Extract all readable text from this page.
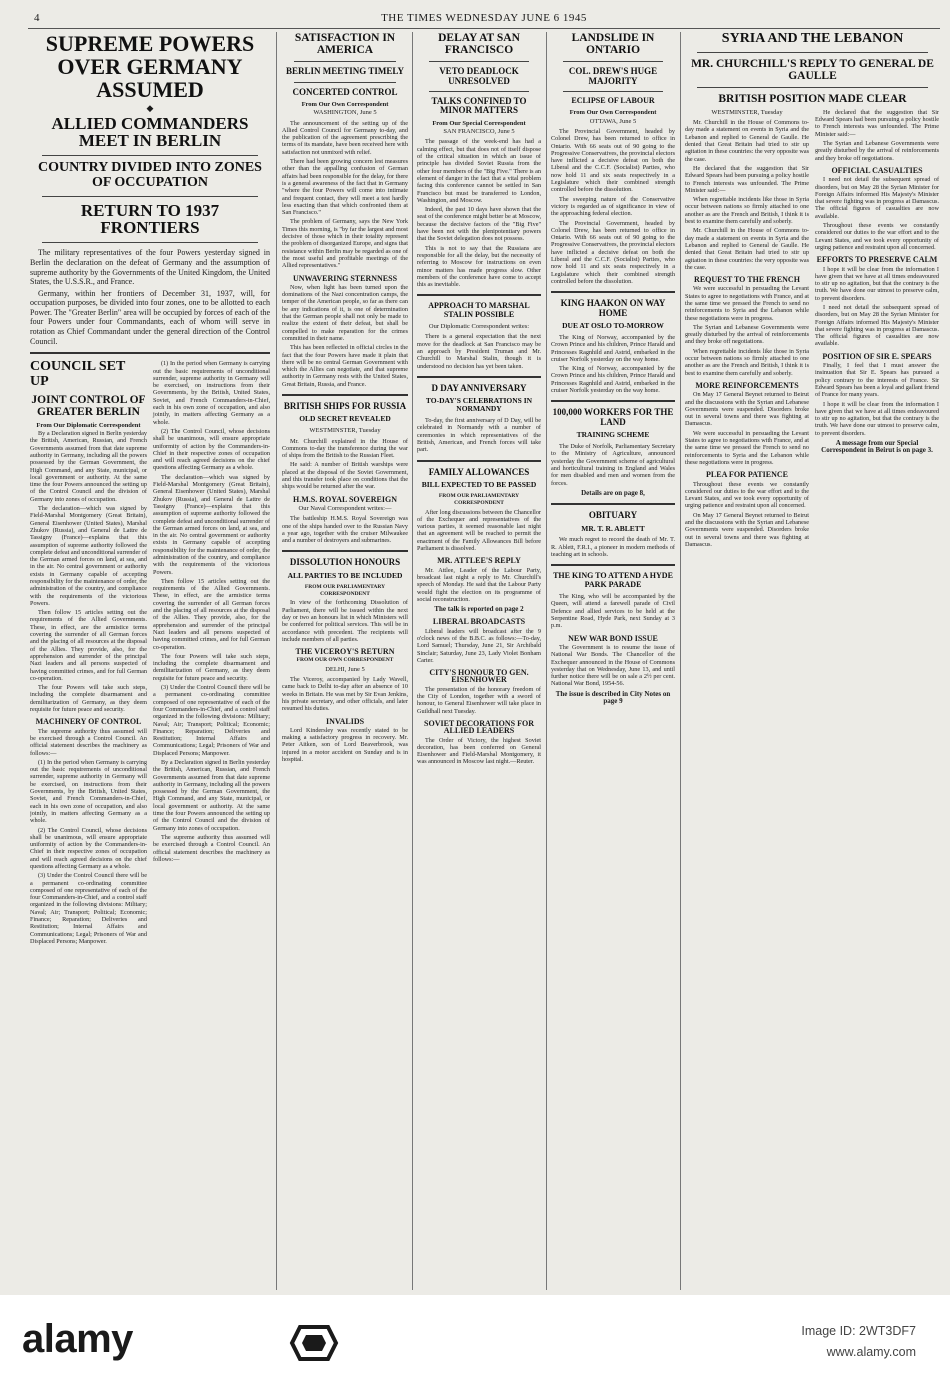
4	THE TIMES WEDNESDAY JUNE 6 1945
SUPREME POWERS OVER GERMANY ASSUMED
◆
ALLIED COMMANDERS MEET IN BERLIN
COUNTRY DIVIDED INTO ZONES OF OCCUPATION
RETURN TO 1937 FRONTIERS

The military representatives of the four Powers yesterday signed in Berlin the declaration on the defeat of Germany and the assumption of supreme authority by the Governments of the United Kingdom, the United States, the U.S.S.R., and France.

Germany, within her frontiers of December 31, 1937, will, for occupation purposes, be divided into four zones, one to be allotted to each Power. The "Greater Berlin" area will be occupied by forces of each of the four Powers under four Commandants, each of whom will serve in rotation as Chief Commandant under the general direction of the Control Council.

COUNCIL SET UP
JOINT CONTROL OF GREATER BERLIN
From Our Diplomatic Correspondent

By a Declaration signed in Berlin yesterday the British, American, Russian, and French Governments assumed from that date supreme authority in Germany, including all the powers possessed by the German Government, the High Command, and any State, municipal, or local government or authority. At the same time the four Powers announced the setting up of the Control Council and the division of Germany into zones of occupation.

The declaration—which was signed by Field-Marshal Montgomery (Great Britain), General Eisenhower (United States), Marshal Zhukov (Russia), and General de Lattre de Tassigny (France)—explains that this assumption of supreme authority followed the complete defeat and unconditional surrender of the German armed forces on land, at sea, and in the air. No central government or authority exists in Germany capable of accepting responsibility for the maintenance of order, the administration of the country, and compliance with the requirements of the victorious Powers.

Then follow 15 articles setting out the requirements of the Allied Governments. These, in effect, are the armistice terms covering the surrender of all German forces and the placing of all resources at the disposal of the Allies. They provide, also, for the apprehension and surrender of the principal Nazi leaders and all persons suspected of having committed crimes, and for full German co-operation.

The four Powers will take such steps, including the complete disarmament and demilitarization of Germany, as they deem requisite for future peace and security.

MACHINERY OF CONTROL

The supreme authority thus assumed will be exercised through a Control Council. An official statement describes the machinery as follows:—

(1) In the period when Germany is carrying out the basic requirements of unconditional surrender, supreme authority in Germany will be exercised, on instructions from their Governments, by the British, United States, Soviet, and French Commanders-in-Chief, each in his own zone of occupation, and also jointly, in matters affecting Germany as a whole.

(2) The Control Council, whose decisions shall be unanimous, will ensure appropriate uniformity of action by the Commanders-in-Chief in their respective zones of occupation and will reach agreed decisions on the chief questions affecting Germany as a whole.

(3) Under the Control Council there will be a permanent co-ordinating committee composed of one representative of each of the four Commanders-in-Chief, and a control staff organized in the following divisions: Military; Naval; Air; Transport; Political; Economic; Finance; Reparation; Deliveries and Restitution; Internal Affairs and Communications; Legal; Prisoners of War and Displaced Persons; Manpower.

(1) In the period when Germany is carrying out the basic requirements of unconditional surrender, supreme authority in Germany will be exercised, on instructions from their Governments, by the British, United States, Soviet, and French Commanders-in-Chief, each in his own zone of occupation, and also jointly, in matters affecting Germany as a whole.

(2) The Control Council, whose decisions shall be unanimous, will ensure appropriate uniformity of action by the Commanders-in-Chief in their respective zones of occupation and will reach agreed decisions on the chief questions affecting Germany as a whole.

The declaration—which was signed by Field-Marshal Montgomery (Great Britain), General Eisenhower (United States), Marshal Zhukov (Russia), and General de Lattre de Tassigny (France)—explains that this assumption of supreme authority followed the complete defeat and unconditional surrender of the German armed forces on land, at sea, and in the air. No central government or authority exists in Germany capable of accepting responsibility for the maintenance of order, the administration of the country, and compliance with the requirements of the victorious Powers.

Then follow 15 articles setting out the requirements of the Allied Governments. These, in effect, are the armistice terms covering the surrender of all German forces and the placing of all resources at the disposal of the Allies. They provide, also, for the apprehension and surrender of the principal Nazi leaders and all persons suspected of having committed crimes, and for full German co-operation.

The four Powers will take such steps, including the complete disarmament and demilitarization of Germany, as they deem requisite for future peace and security.

(3) Under the Control Council there will be a permanent co-ordinating committee composed of one representative of each of the four Commanders-in-Chief, and a control staff organized in the following divisions: Military; Naval; Air; Transport; Political; Economic; Finance; Reparation; Deliveries and Restitution; Internal Affairs and Communications; Legal; Prisoners of War and Displaced Persons; Manpower.

By a Declaration signed in Berlin yesterday the British, American, Russian, and French Governments assumed from that date supreme authority in Germany, including all the powers possessed by the German Government, the High Command, and any State, municipal, or local government or authority. At the same time the four Powers announced the setting up of the Control Council and the division of Germany into zones of occupation.

The supreme authority thus assumed will be exercised through a Control Council. An official statement describes the machinery as follows:—

SATISFACTION IN AMERICA
BERLIN MEETING TIMELY
CONCERTED CONTROL
From Our Own Correspondent
WASHINGTON, June 5

The announcement of the setting up of the Allied Control Council for Germany to-day, and the publication of the agreement prescribing the terms of its mandate, have been received here with satisfaction not unmixed with relief.

There had been growing concern lest measures other than the appalling confusion of German affairs had been responsible for the delay, for there is a general awareness of the fact that in Germany "where the four Powers will come into intimate and frequent contact, they will meet a test hardly less exacting than that which confronted them at San Francisco."

The problem of Germany, says the New York Times this morning, is "by far the largest and most decisive of those which in their totality represent the problem of disorganized Europe, and signs that resistance within Berlin may be regarded as one of the most useful and profitable meetings of the Allied representatives."

UNWAVERING STERNNESS

Now, when light has been turned upon the dominations of the Nazi concentration camps, the temper of the American people, so far as there can be any indications of it, is one of determination that the German people shall not only be made to realize the extent of their defeat, but shall be compelled to make reparation for the crimes committed in their name.

This has been reflected in official circles in the fact that the four Powers have made it plain that there will be no central German Government with which the Allies can negotiate, and that supreme authority in Germany rests with the United States, Great Britain, Russia, and France.

BRITISH SHIPS FOR RUSSIA
OLD SECRET REVEALED
WESTMINSTER, Tuesday

Mr. Churchill explained in the House of Commons to-day the transference during the war of ships from the British to the Russian Fleet.

He said: A number of British warships were placed at the disposal of the Soviet Government, and this transfer took place on conditions that the ships would be returned after the war.

H.M.S. ROYAL SOVEREIGN
Our Naval Correspondent writes:—

The battleship H.M.S. Royal Sovereign was one of the ships handed over to the Russian Navy a year ago, together with the cruiser Milwaukee and a number of destroyers and submarines.

DISSOLUTION HONOURS
ALL PARTIES TO BE INCLUDED
FROM OUR PARLIAMENTARY CORRESPONDENT

In view of the forthcoming Dissolution of Parliament, there will be issued within the next day or two an honours list in which Ministers will be conferred for political services. This will be in accordance with precedent. The recipients will include members of all parties.

THE VICEROY'S RETURN
FROM OUR OWN CORRESPONDENT
DELHI, June 5

The Viceroy, accompanied by Lady Wavell, came back to Delhi to-day after an absence of 10 weeks in Britain. He was met by Sir Evan Jenkins, his private secretary, and other officials, and later resumed his duties.

INVALIDS

Lord Kindersley was recently stated to be making a satisfactory progress in recovery. Mr. Peter Aitken, son of Lord Beaverbrook, was injured in a motor accident on Sunday and is in hospital.

DELAY AT SAN FRANCISCO
VETO DEADLOCK UNRESOLVED
TALKS CONFINED TO MINOR MATTERS
From Our Special Correspondent
SAN FRANCISCO, June 5

The passage of the week-end has had a calming effect, but that does not of itself dispose of the critical situation in which an issue of principle has divided Soviet Russia from the other four members of the "Big Five." There is an element of danger in the fact that a vital problem facing this conference cannot be settled in San Francisco but must be transferred to London, Washington, and Moscow.

Indeed, the past 10 days have shown that the seat of the conference might better be at Moscow, because the decisive factors of the "Big Five" have been not with the plenipotentiary powers that the Soviet delegation does not possess.

This is not to say that the Russians are responsible for all the delay, but the necessity of referring to Moscow for instructions on even minor matters has made progress slow. Other members of the conference have come to accept this as inevitable.

APPROACH TO MARSHAL STALIN POSSIBLE
Our Diplomatic Correspondent writes:

There is a general expectation that the next move for the deadlock at San Francisco may be an approach by President Truman and Mr. Churchill to Marshal Stalin, though it is understood no decision has yet been taken.

D DAY ANNIVERSARY
TO-DAY'S CELEBRATIONS IN NORMANDY

To-day, the first anniversary of D Day, will be celebrated in Normandy with a number of ceremonies in which representatives of the British, American, and French forces will take part.

FAMILY ALLOWANCES
BILL EXPECTED TO BE PASSED
FROM OUR PARLIAMENTARY CORRESPONDENT

After long discussions between the Chancellor of the Exchequer and representatives of the various parties, it seemed reasonable last night that an agreement will be reached to permit the enactment of the Family Allowances Bill before Parliament is dissolved.

MR. ATTLEE'S REPLY

Mr. Attlee, Leader of the Labour Party, broadcast last night a reply to Mr. Churchill's speech of Monday. He said that the Labour Party would fight the election on its programme of social reconstruction.

The talk is reported on page 2
LIBERAL BROADCASTS

Liberal leaders will broadcast after the 9 o'clock news of the B.B.C. as follows:—To-day, Lord Samuel; Thursday, June 21, Sir Archibald Sinclair; Saturday, June 23, Lady Violet Bonham Carter.

CITY'S HONOUR TO GEN. EISENHOWER

The presentation of the honorary freedom of the City of London, together with a sword of honour, to General Eisenhower will take place in Guildhall next Tuesday.

SOVIET DECORATIONS FOR ALLIED LEADERS

The Order of Victory, the highest Soviet decoration, has been conferred on General Eisenhower and Field-Marshal Montgomery, it was announced in Moscow last night.—Reuter.

LANDSLIDE IN ONTARIO
COL. DREW'S HUGE MAJORITY
ECLIPSE OF LABOUR
From Our Own Correspondent
OTTAWA, June 5

The Provincial Government, headed by Colonel Drew, has been returned to office in Ontario. With 66 seats out of 90 going to the Progressive Conservatives, the provincial electors have inflicted a decisive defeat on both the Liberal and the C.C.F. (Socialist) Parties, who now hold 11 and six seats respectively in a Legislature which their combined strength controlled before the dissolution.

The sweeping nature of the Conservative victory is regarded as of significance in view of the approaching federal election.

The Provincial Government, headed by Colonel Drew, has been returned to office in Ontario. With 66 seats out of 90 going to the Progressive Conservatives, the provincial electors have inflicted a decisive defeat on both the Liberal and the C.C.F. (Socialist) Parties, who now hold 11 and six seats respectively in a Legislature which their combined strength controlled before the dissolution.

KING HAAKON ON WAY HOME
DUE AT OSLO TO-MORROW

The King of Norway, accompanied by the Crown Prince and his children, Prince Harald and Princesses Ragnhild and Astrid, embarked in the cruiser Norfolk yesterday on the way home.

The King of Norway, accompanied by the Crown Prince and his children, Prince Harald and Princesses Ragnhild and Astrid, embarked in the cruiser Norfolk yesterday on the way home.

100,000 WORKERS FOR THE LAND
TRAINING SCHEME

The Duke of Norfolk, Parliamentary Secretary to the Ministry of Agriculture, announced yesterday the Government scheme of agricultural and horticultural training in England and Wales for men disabled and men and women from the forces.

Details are on page 8,
OBITUARY
MR. T. R. ABLETT

We much regret to record the death of Mr. T. R. Ablett, F.R.I., a pioneer in modern methods of teaching art in schools.

THE KING TO ATTEND A HYDE PARK PARADE

The King, who will be accompanied by the Queen, will attend a farewell parade of Civil Defence and allied services to be held at the Serpentine Road, Hyde Park, next Sunday at 3 p.m.

NEW WAR BOND ISSUE

The Government is to resume the issue of National War Bonds. The Chancellor of the Exchequer announced in the House of Commons yesterday that on Wednesday, June 13, and until further notice there will be on sale a 2½ per cent. National War Bond, 1954-56.

The issue is described in City Notes on page 9
SYRIA AND THE LEBANON
MR. CHURCHILL'S REPLY TO GENERAL DE GAULLE
BRITISH POSITION MADE CLEAR
WESTMINSTER, Tuesday

Mr. Churchill in the House of Commons to-day made a statement on events in Syria and the Lebanon and replied to General de Gaulle. He denied that Great Britain had tried to stir up agitation in these countries: the very opposite was the case.

He declared that the suggestion that Sir Edward Spears had been pursuing a policy hostile to French interests was unfounded. The Prime Minister said:—

When regrettable incidents like those in Syria occur between nations so firmly attached to one another as are the French and British, I think it is best to examine them carefully and soberly.

Mr. Churchill in the House of Commons to-day made a statement on events in Syria and the Lebanon and replied to General de Gaulle. He denied that Great Britain had tried to stir up agitation in these countries: the very opposite was the case.

REQUEST TO THE FRENCH

We were successful in persuading the Levant States to agree to negotiations with France, and at the same time we pressed the French to send no reinforcements to Syria and the Lebanon while these negotiations were in progress.

The Syrian and Lebanese Governments were greatly disturbed by the arrival of reinforcements and they broke off negotiations.

When regrettable incidents like those in Syria occur between nations so firmly attached to one another as are the French and British, I think it is best to examine them carefully and soberly.

MORE REINFORCEMENTS

On May 17 General Beynet returned to Beirut and the discussions with the Syrian and Lebanese Governments were suspended. Disorders broke out in several towns and there was fighting at Damascus.

We were successful in persuading the Levant States to agree to negotiations with France, and at the same time we pressed the French to send no reinforcements to Syria and the Lebanon while these negotiations were in progress.

PLEA FOR PATIENCE

Throughout these events we constantly considered our duties to the war effort and to the Levant States, and we took every opportunity of urging patience and restraint upon all concerned.

On May 17 General Beynet returned to Beirut and the discussions with the Syrian and Lebanese Governments were suspended. Disorders broke out in several towns and there was fighting at Damascus.

He declared that the suggestion that Sir Edward Spears had been pursuing a policy hostile to French interests was unfounded. The Prime Minister said:—

The Syrian and Lebanese Governments were greatly disturbed by the arrival of reinforcements and they broke off negotiations.

OFFICIAL CASUALTIES

I need not detail the subsequent spread of disorders, but on May 28 the Syrian Minister for Foreign Affairs informed His Majesty's Minister that severe fighting was in progress at Damascus. The official figures of casualties are now available.

Throughout these events we constantly considered our duties to the war effort and to the Levant States, and we took every opportunity of urging patience and restraint upon all concerned.

EFFORTS TO PRESERVE CALM

I hope it will be clear from the information I have given that we have at all times endeavoured to stir up no agitation, but that the contrary is the truth. We have done our utmost to preserve calm, to prevent disorders.

I need not detail the subsequent spread of disorders, but on May 28 the Syrian Minister for Foreign Affairs informed His Majesty's Minister that severe fighting was in progress at Damascus. The official figures of casualties are now available.

POSITION OF SIR E. SPEARS

Finally, I feel that I must answer the insinuation that Sir E. Spears has pursued a policy contrary to the interests of France. Sir Edward Spears has been a loyal and gallant friend of France for many years.

I hope it will be clear from the information I have given that we have at all times endeavoured to stir up no agitation, but that the contrary is the truth. We have done our utmost to preserve calm, to prevent disorders.

A message from our Special Correspondent in Beirut is on page 3.
alamy	Image ID: 2WT3DF7
www.alamy.com
